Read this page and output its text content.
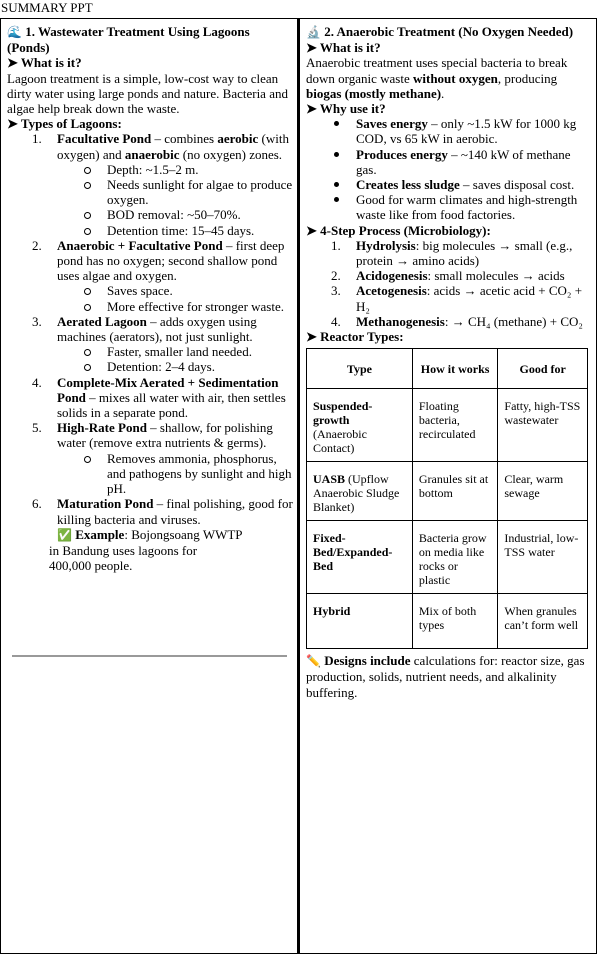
SUMMARY PPT
🌊 1. Wastewater Treatment Using Lagoons (Ponds)
➤ What is it?
Lagoon treatment is a simple, low-cost way to clean dirty water using large ponds and nature. Bacteria and algae help break down the waste.
➤ Types of Lagoons:
1. Facultative Pond – combines aerobic (with oxygen) and anaerobic (no oxygen) zones.
Depth: ~1.5–2 m.
Needs sunlight for algae to produce oxygen.
BOD removal: ~50–70%.
Detention time: 15–45 days.
2. Anaerobic + Facultative Pond – first deep pond has no oxygen; second shallow pond uses algae and oxygen.
Saves space.
More effective for stronger waste.
3. Aerated Lagoon – adds oxygen using machines (aerators), not just sunlight.
Faster, smaller land needed.
Detention: 2–4 days.
4. Complete-Mix Aerated + Sedimentation Pond – mixes all water with air, then settles solids in a separate pond.
5. High-Rate Pond – shallow, for polishing water (remove extra nutrients & germs).
Removes ammonia, phosphorus, and pathogens by sunlight and high pH.
6. Maturation Pond – final polishing, good for killing bacteria and viruses.
✅ Example: Bojongsoang WWTP
in Bandung uses lagoons for
400,000 people.
🔬 2. Anaerobic Treatment (No Oxygen Needed)
➤ What is it?
Anaerobic treatment uses special bacteria to break down organic waste without oxygen, producing biogas (mostly methane).
➤ Why use it?
Saves energy – only ~1.5 kW for 1000 kg COD, vs 65 kW in aerobic.
Produces energy – ~140 kW of methane gas.
Creates less sludge – saves disposal cost.
Good for warm climates and high-strength waste like from food factories.
➤ 4-Step Process (Microbiology):
1. Hydrolysis: big molecules → small (e.g., protein → amino acids)
2. Acidogenesis: small molecules → acids
3. Acetogenesis: acids → acetic acid + CO₂ + H₂
4. Methanogenesis: → CH₄ (methane) + CO₂
➤ Reactor Types:
Type	How it works	Good for
Suspended-growth (Anaerobic Contact)	Floating bacteria, recirculated	Fatty, high-TSS wastewater
UASB (Upflow Anaerobic Sludge Blanket)	Granules sit at bottom	Clear, warm sewage
Fixed-Bed/Expanded-Bed	Bacteria grow on media like rocks or plastic	Industrial, low-TSS water
Hybrid	Mix of both types	When granules can’t form well
✏️ Designs include calculations for: reactor size, gas production, solids, nutrient needs, and alkalinity buffering.
